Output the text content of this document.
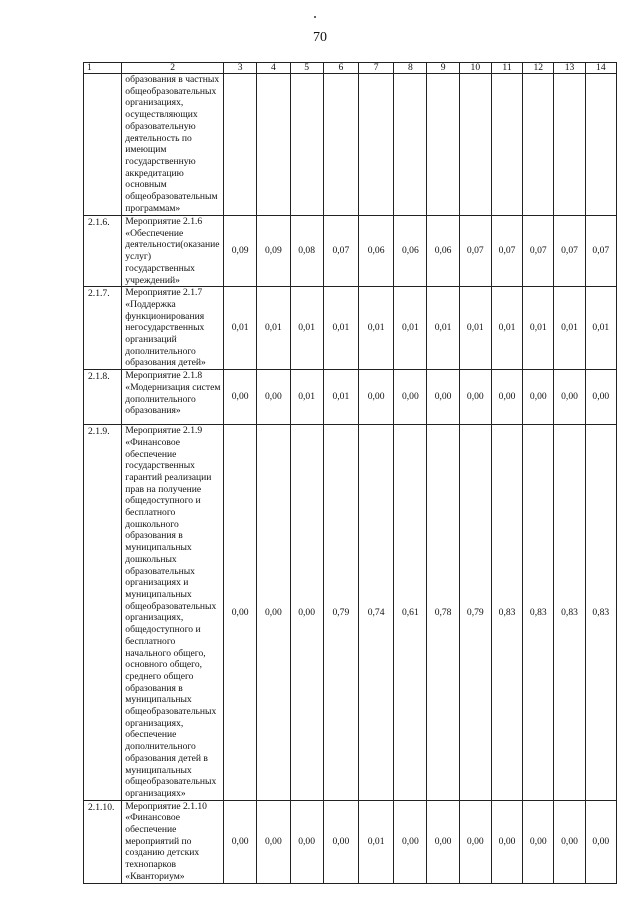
70
1	2	3	4	5	6	7	8	9	10	11	12	13	14
	образования в частных общеобразовательных организациях, осуществляющих образовательную деятельность по имеющим государственную аккредитацию основным общеобразовательным программам»												
2.1.6.	Мероприятие 2.1.6 «Обеспечение деятельности(оказание услуг) государственных учреждений»	0,09	0,09	0,08	0,07	0,06	0,06	0,06	0,07	0,07	0,07	0,07	0,07
2.1.7.	Мероприятие 2.1.7 «Поддержка функционирования негосударственных организаций дополнительного образования детей»	0,01	0,01	0,01	0,01	0,01	0,01	0,01	0,01	0,01	0,01	0,01	0,01
2.1.8.	Мероприятие 2.1.8 «Модернизация систем дополнительного образования»	0,00	0,00	0,01	0,01	0,00	0,00	0,00	0,00	0,00	0,00	0,00	0,00
2.1.9.	Мероприятие 2.1.9 «Финансовое обеспечение государственных гарантий реализации прав на получение общедоступного и бесплатного дошкольного образования в муниципальных дошкольных образовательных организациях и муниципальных общеобразовательных организациях, общедоступного и бесплатного начального общего, основного общего, среднего общего образования в муниципальных общеобразовательных организациях, обеспечение дополнительного образования детей в муниципальных общеобразовательных организациях»	0,00	0,00	0,00	0,79	0,74	0,61	0,78	0,79	0,83	0,83	0,83	0,83
2.1.10.	Мероприятие 2.1.10 «Финансовое обеспечение мероприятий по созданию детских технопарков «Кванториум»	0,00	0,00	0,00	0,00	0,01	0,00	0,00	0,00	0,00	0,00	0,00	0,00
